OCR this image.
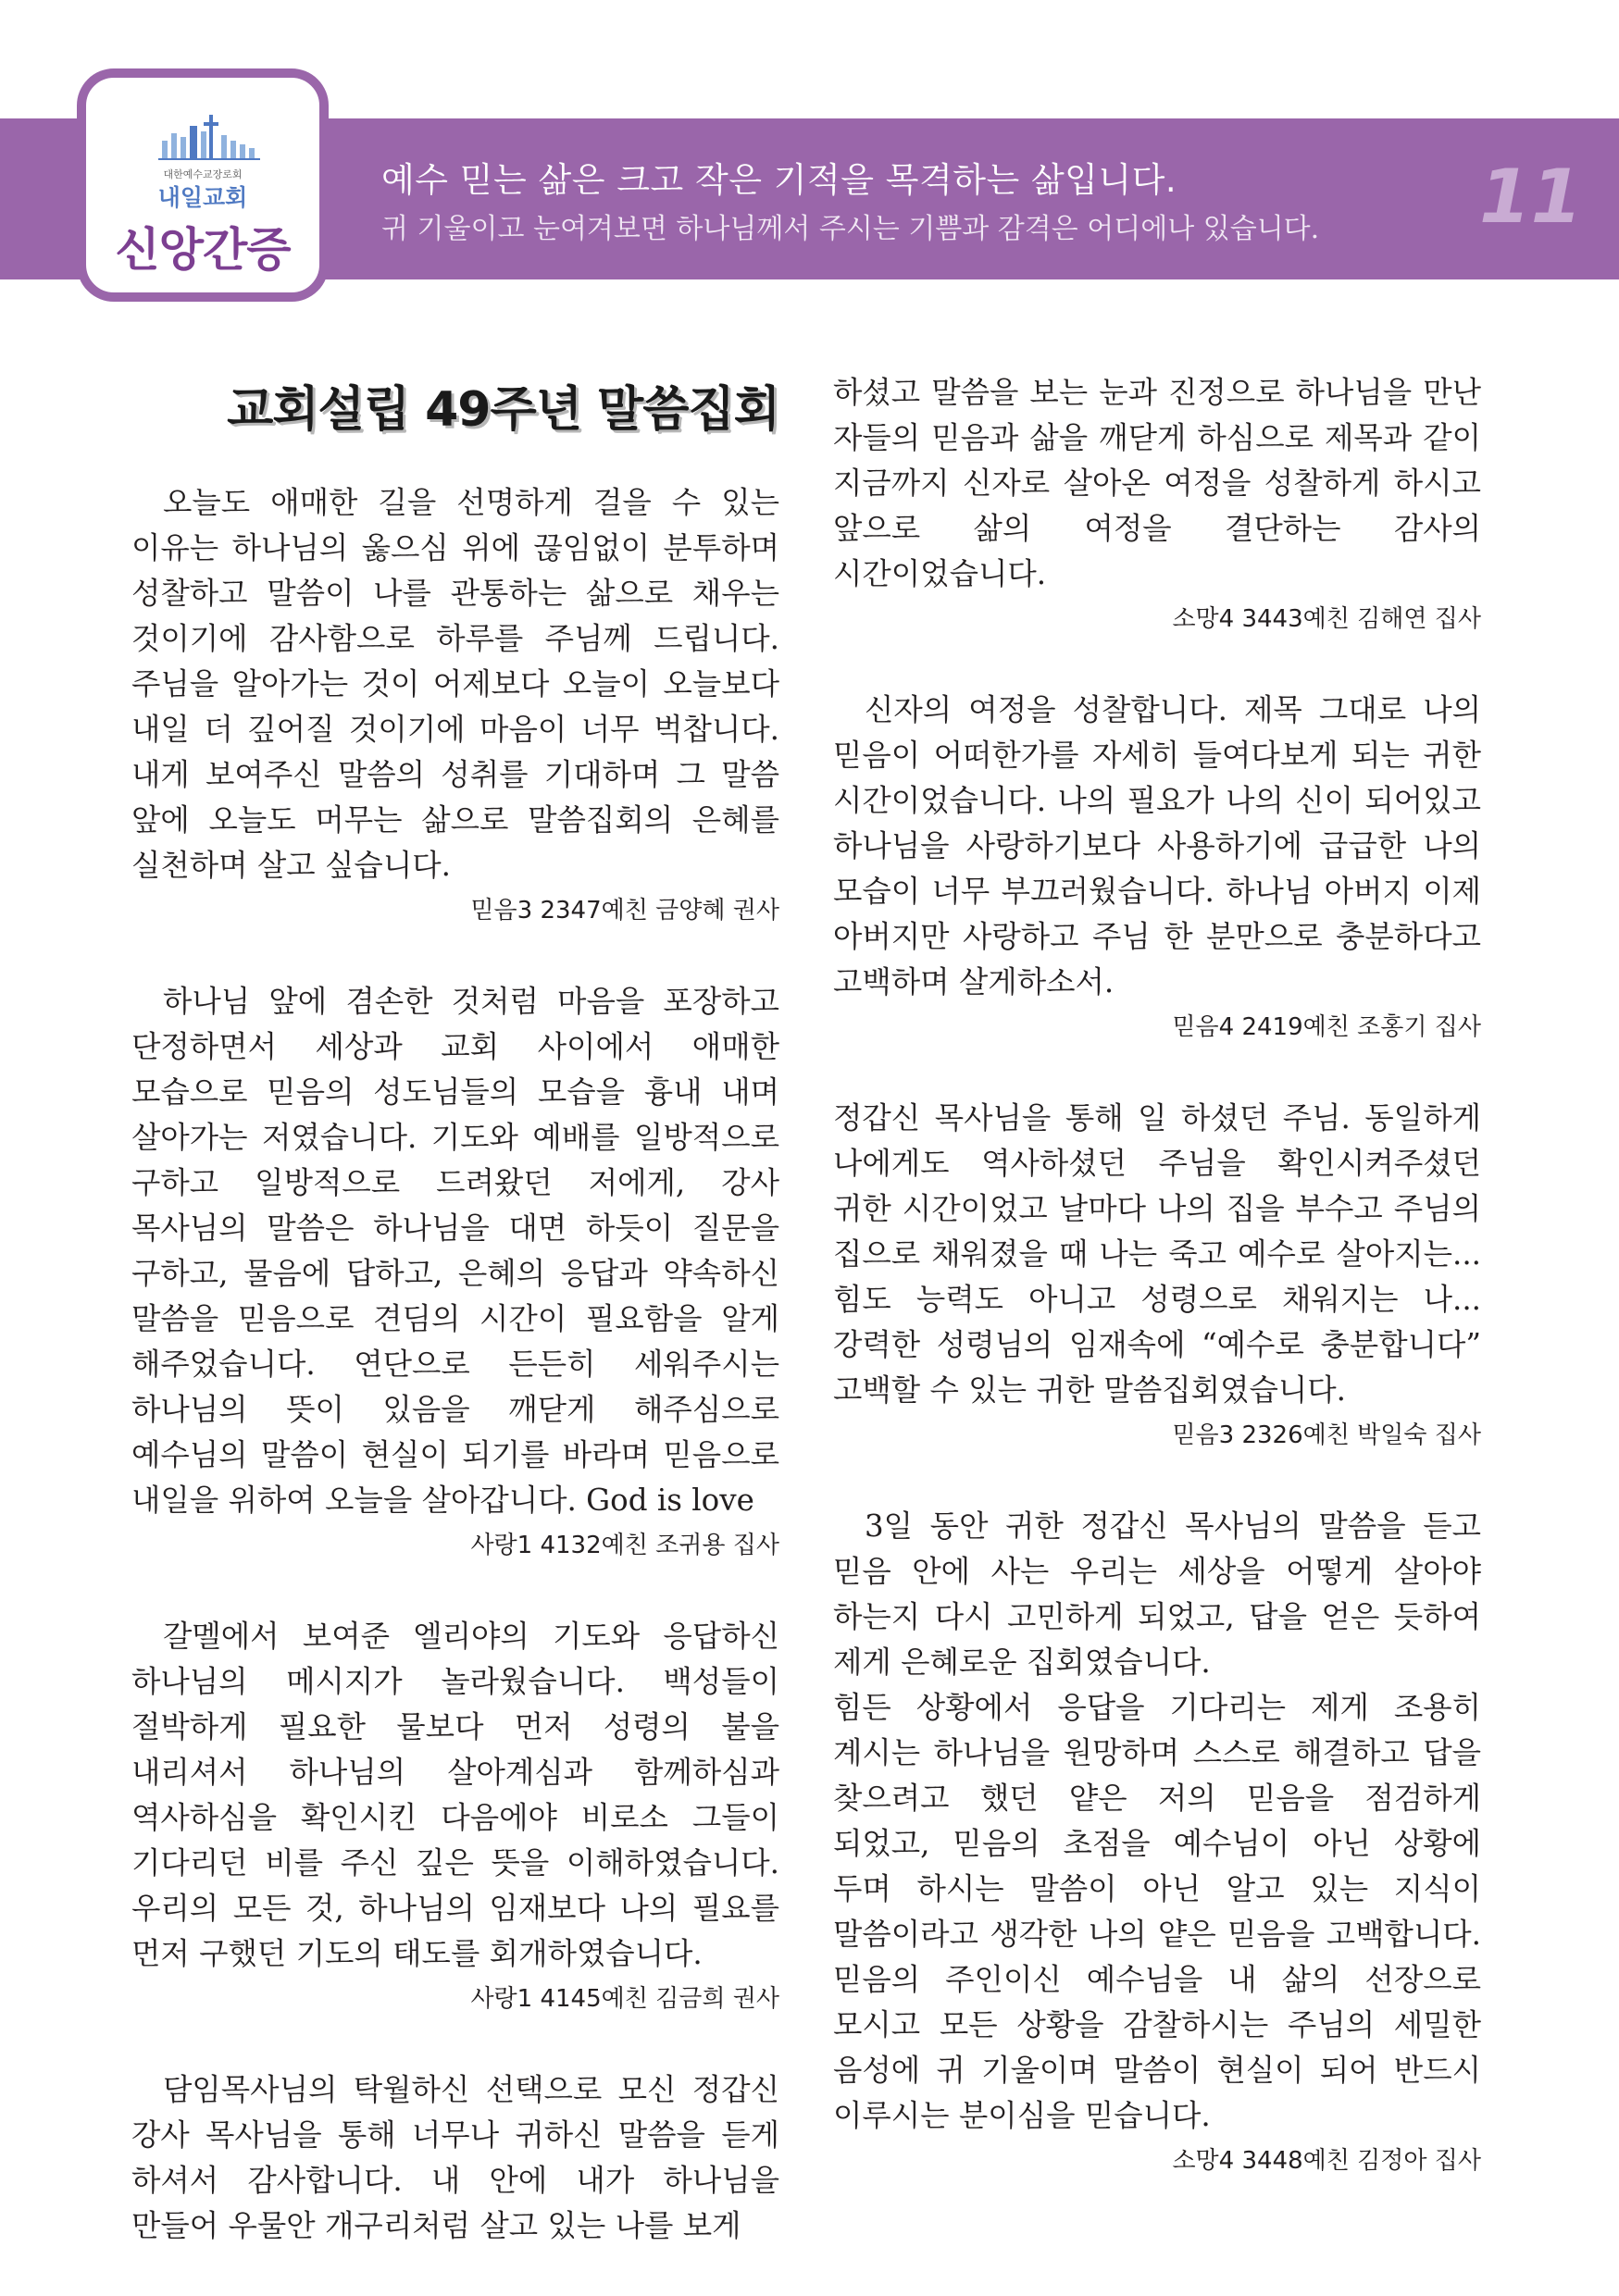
예수 믿는 삶은 크고 작은 기적을 목격하는 삶입니다.
귀 기울이고 눈여겨보면 하나님께서 주시는 기쁨과 감격은 어디에나 있습니다. 11
대한예수교장로회
내일교회
신앙간증
교회설립 49주년 말씀집회

오늘도 애매한 길을 선명하게 걸을 수 있는 이유는 하나님의 옳으심 위에 끊임없이 분투하며 성찰하고 말씀이 나를 관통하는 삶으로 채우는 것이기에 감사함으로 하루를 주님께 드립니다. 주님을 알아가는 것이 어제보다 오늘이 오늘보다 내일 더 깊어질 것이기에 마음이 너무 벅찹니다. 내게 보여주신 말씀의 성취를 기대하며 그 말씀 앞에 오늘도 머무는 삶으로 말씀집회의 은혜를 실천하며 살고 싶습니다.

믿음3 2347예친 금양혜 권사

하나님 앞에 겸손한 것처럼 마음을 포장하고 단정하면서 세상과 교회 사이에서 애매한 모습으로 믿음의 성도님들의 모습을 흉내 내며 살아가는 저였습니다. 기도와 예배를 일방적으로 구하고 일방적으로 드려왔던 저에게, 강사 목사님의 말씀은 하나님을 대면 하듯이 질문을 구하고, 물음에 답하고, 은혜의 응답과 약속하신 말씀을 믿음으로 견딤의 시간이 필요함을 알게 해주었습니다. 연단으로 든든히 세워주시는 하나님의 뜻이 있음을 깨닫게 해주심으로 예수님의 말씀이 현실이 되기를 바라며 믿음으로 내일을 위하여 오늘을 살아갑니다. God is love

사랑1 4132예친 조귀용 집사

갈멜에서 보여준 엘리야의 기도와 응답하신 하나님의 메시지가 놀라웠습니다. 백성들이 절박하게 필요한 물보다 먼저 성령의 불을 내리셔서 하나님의 살아계심과 함께하심과 역사하심을 확인시킨 다음에야 비로소 그들이 기다리던 비를 주신 깊은 뜻을 이해하였습니다. 우리의 모든 것, 하나님의 임재보다 나의 필요를 먼저 구했던 기도의 태도를 회개하였습니다.

사랑1 4145예친 김금희 권사

담임목사님의 탁월하신 선택으로 모신 정갑신 강사 목사님을 통해 너무나 귀하신 말씀을 듣게 하셔서 감사합니다. 내 안에 내가 하나님을 만들어 우물안 개구리처럼 살고 있는 나를 보게

하셨고 말씀을 보는 눈과 진정으로 하나님을 만난 자들의 믿음과 삶을 깨닫게 하심으로 제목과 같이 지금까지 신자로 살아온 여정을 성찰하게 하시고 앞으로 삶의 여정을 결단하는 감사의 시간이었습니다.

소망4 3443예친 김해연 집사

신자의 여정을 성찰합니다. 제목 그대로 나의 믿음이 어떠한가를 자세히 들여다보게 되는 귀한 시간이었습니다. 나의 필요가 나의 신이 되어있고 하나님을 사랑하기보다 사용하기에 급급한 나의 모습이 너무 부끄러웠습니다. 하나님 아버지 이제 아버지만 사랑하고 주님 한 분만으로 충분하다고 고백하며 살게하소서.

믿음4 2419예친 조홍기 집사

정갑신 목사님을 통해 일 하셨던 주님. 동일하게 나에게도 역사하셨던 주님을 확인시켜주셨던 귀한 시간이었고 날마다 나의 집을 부수고 주님의 집으로 채워졌을 때 나는 죽고 예수로 살아지는... 힘도 능력도 아니고 성령으로 채워지는 나... 강력한 성령님의 임재속에 “예수로 충분합니다” 고백할 수 있는 귀한 말씀집회였습니다.

믿음3 2326예친 박일숙 집사

3일 동안 귀한 정갑신 목사님의 말씀을 듣고 믿음 안에 사는 우리는 세상을 어떻게 살아야 하는지 다시 고민하게 되었고, 답을 얻은 듯하여 제게 은혜로운 집회였습니다.

힘든 상황에서 응답을 기다리는 제게 조용히 계시는 하나님을 원망하며 스스로 해결하고 답을 찾으려고 했던 얕은 저의 믿음을 점검하게 되었고, 믿음의 초점을 예수님이 아닌 상황에 두며 하시는 말씀이 아닌 알고 있는 지식이 말씀이라고 생각한 나의 얕은 믿음을 고백합니다. 믿음의 주인이신 예수님을 내 삶의 선장으로 모시고 모든 상황을 감찰하시는 주님의 세밀한 음성에 귀 기울이며 말씀이 현실이 되어 반드시 이루시는 분이심을 믿습니다.

소망4 3448예친 김정아 집사
